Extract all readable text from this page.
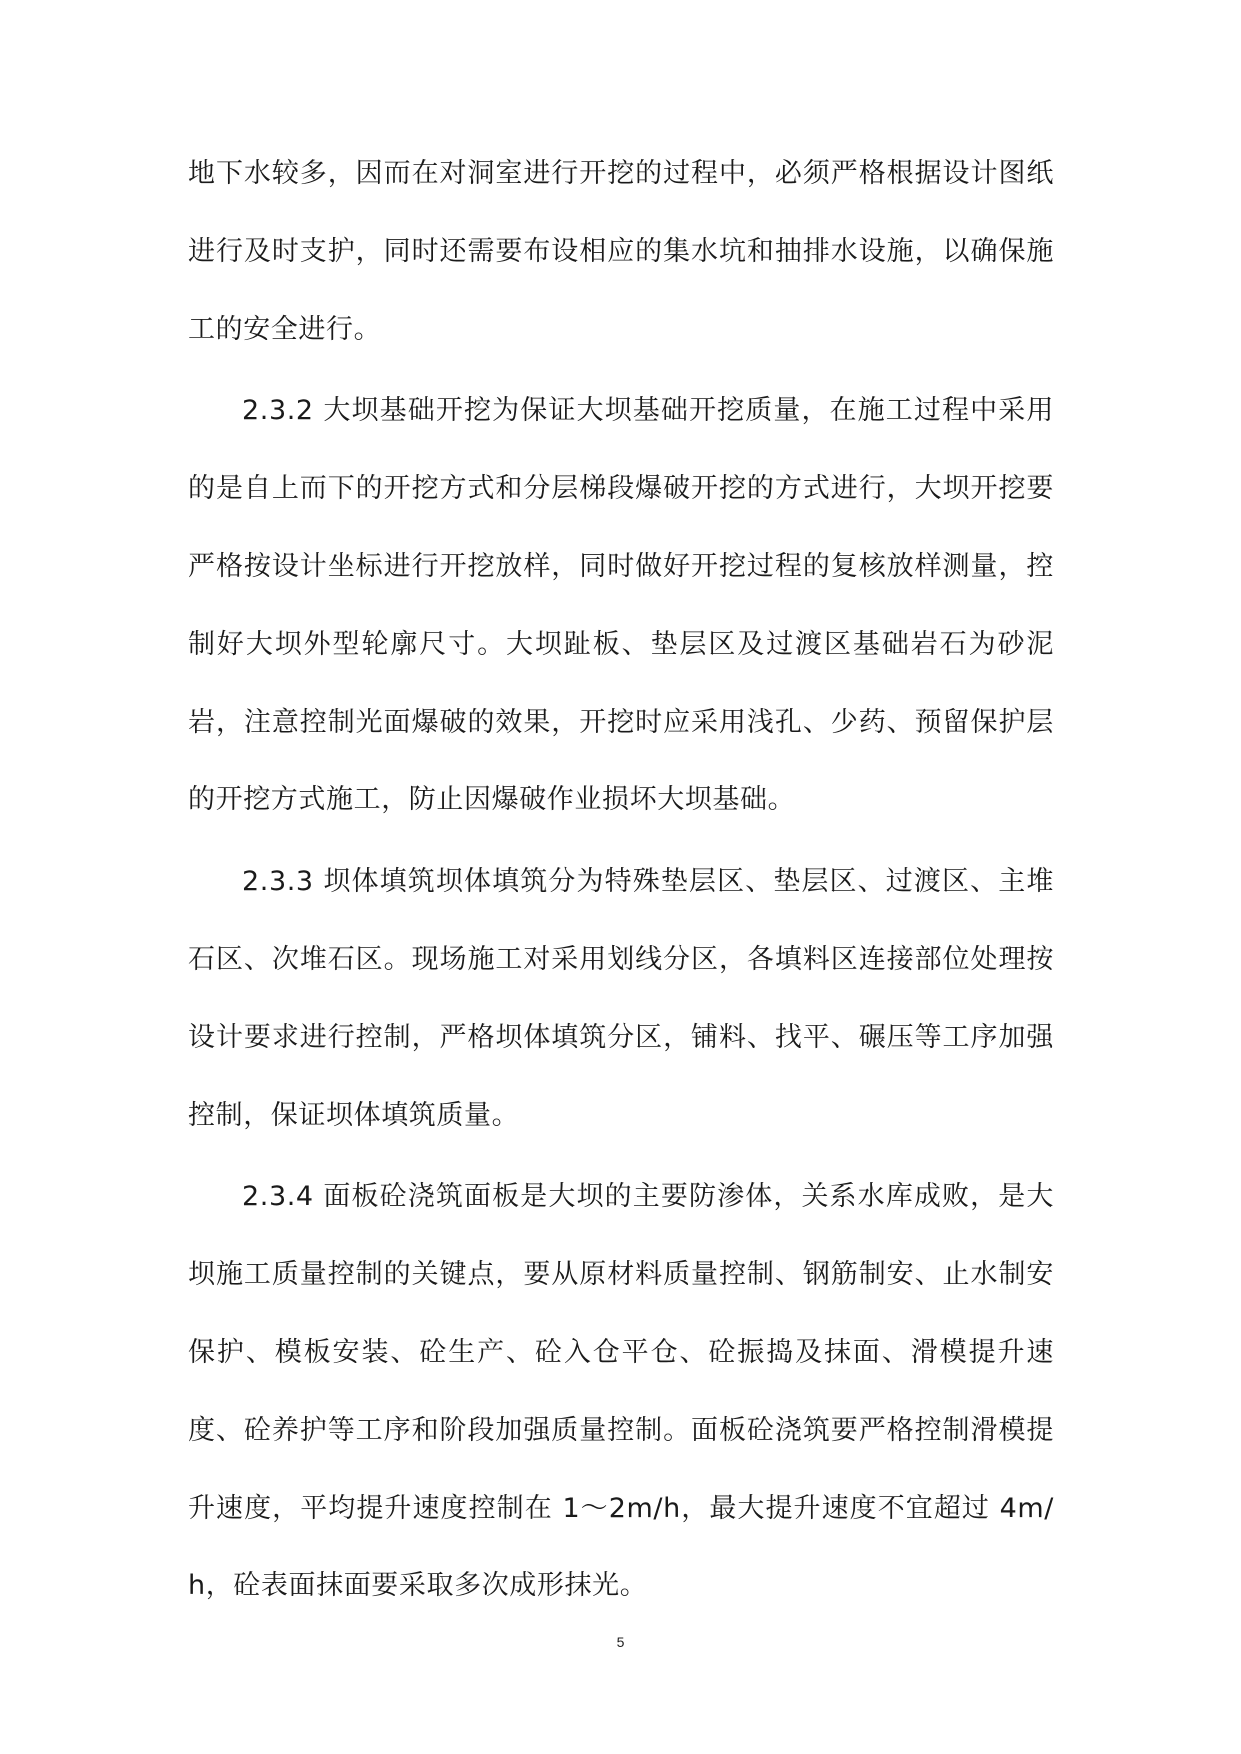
地下水较多，因而在对洞室进行开挖的过程中，必须严格根据设计图纸进行及时支护，同时还需要布设相应的集水坑和抽排水设施，以确保施工的安全进行。

2.3.2 大坝基础开挖为保证大坝基础开挖质量，在施工过程中采用的是自上而下的开挖方式和分层梯段爆破开挖的方式进行，大坝开挖要严格按设计坐标进行开挖放样，同时做好开挖过程的复核放样测量，控制好大坝外型轮廓尺寸。大坝趾板、垫层区及过渡区基础岩石为砂泥岩，注意控制光面爆破的效果，开挖时应采用浅孔、少药、预留保护层的开挖方式施工，防止因爆破作业损坏大坝基础。

2.3.3 坝体填筑坝体填筑分为特殊垫层区、垫层区、过渡区、主堆石区、次堆石区。现场施工对采用划线分区，各填料区连接部位处理按设计要求进行控制，严格坝体填筑分区，铺料、找平、碾压等工序加强控制，保证坝体填筑质量。

2.3.4 面板砼浇筑面板是大坝的主要防渗体，关系水库成败，是大坝施工质量控制的关键点，要从原材料质量控制、钢筋制安、止水制安保护、模板安装、砼生产、砼入仓平仓、砼振捣及抹面、滑模提升速度、砼养护等工序和阶段加强质量控制。面板砼浇筑要严格控制滑模提升速度，平均提升速度控制在 1～2m/h，最大提升速度不宜超过 4m/h，砼表面抹面要采取多次成形抹光。

5
